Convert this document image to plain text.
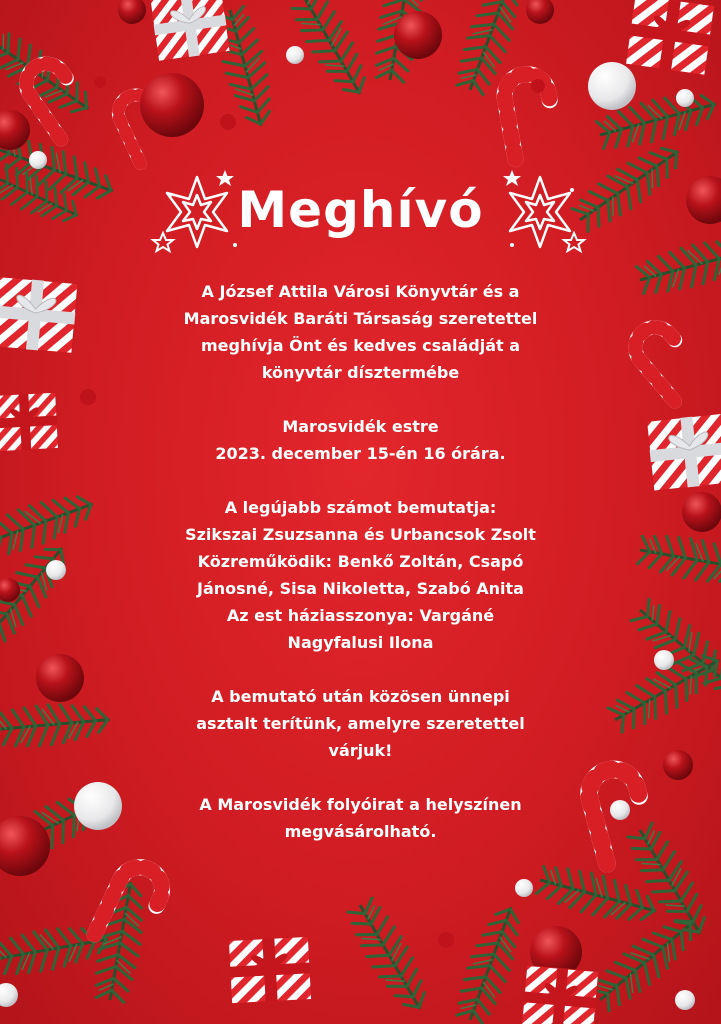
Meghívó
A József Attila Városi Könyvtár és a
Marosvidék Baráti Társaság szeretettel
meghívja Önt és kedves családját a
könyvtár dísztermébe
Marosvidék estre
2023. december 15-én 16 órára.
A legújabb számot bemutatja:
Szikszai Zsuzsanna és Urbancsok Zsolt
Közreműködik: Benkő Zoltán, Csapó
Jánosné, Sisa Nikoletta, Szabó Anita
Az est háziasszonya: Vargáné
Nagyfalusi Ilona
A bemutató után közösen ünnepi
asztalt terítünk, amelyre szeretettel
várjuk!
A Marosvidék folyóirat a helyszínen
megvásárolható.
